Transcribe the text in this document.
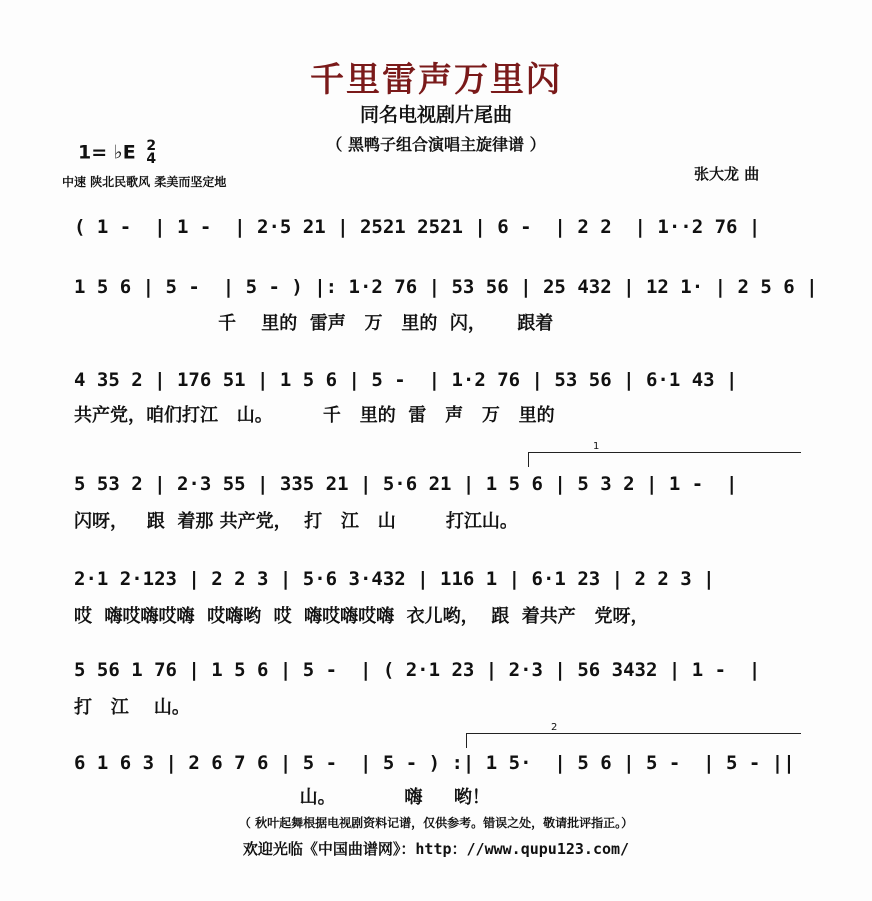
千里雷声万里闪
同名电视剧片尾曲
（ 黑鸭子组合演唱主旋律谱 ）
1= ♭E 2
4
中速 陕北民歌风 柔美而坚定地	张大龙 曲
( 1 -  | 1 -  | 2·5 21 | 2521 2521 | 6 -  | 2 2  | 1··2 76 |
1 5 6 | 5 -  | 5 - ) |: 1·2 76 | 53 56 | 25 432 | 12 1· | 2 5 6 |
千    里的  雷声   万   里的  闪，     跟着
4 35 2 | 176 51 | 1 5 6 | 5 -  | 1·2 76 | 53 56 | 6·1 43 |
共产党，咱们打江   山。        千   里的  雷   声   万   里的
1
5 53 2 | 2·3 55 | 335 21 | 5·6 21 | 1 5 6 | 5 3 2 | 1 -  |
闪呀，   跟  着那 共产党，  打   江   山        打江山。
2·1 2·123 | 2 2 3 | 5·6 3·432 | 116 1 | 6·1 23 | 2 2 3 |
哎  嗨哎嗨哎嗨  哎嗨哟  哎  嗨哎嗨哎嗨  衣儿哟，  跟  着共产   党呀，
5 56 1 76 | 1 5 6 | 5 -  | ( 2·1 23 | 2·3 | 56 3432 | 1 -  |
打   江    山。
2
6 1 6 3 | 2 6 7 6 | 5 -  | 5 - ) :| 1 5·  | 5 6 | 5 -  | 5 - ||
山。           嗨     哟！
（ 秋叶起舞根据电视剧资料记谱，仅供参考。错误之处，敬请批评指正。）
欢迎光临《中国曲谱网》：http：//www.qupu123.com/
